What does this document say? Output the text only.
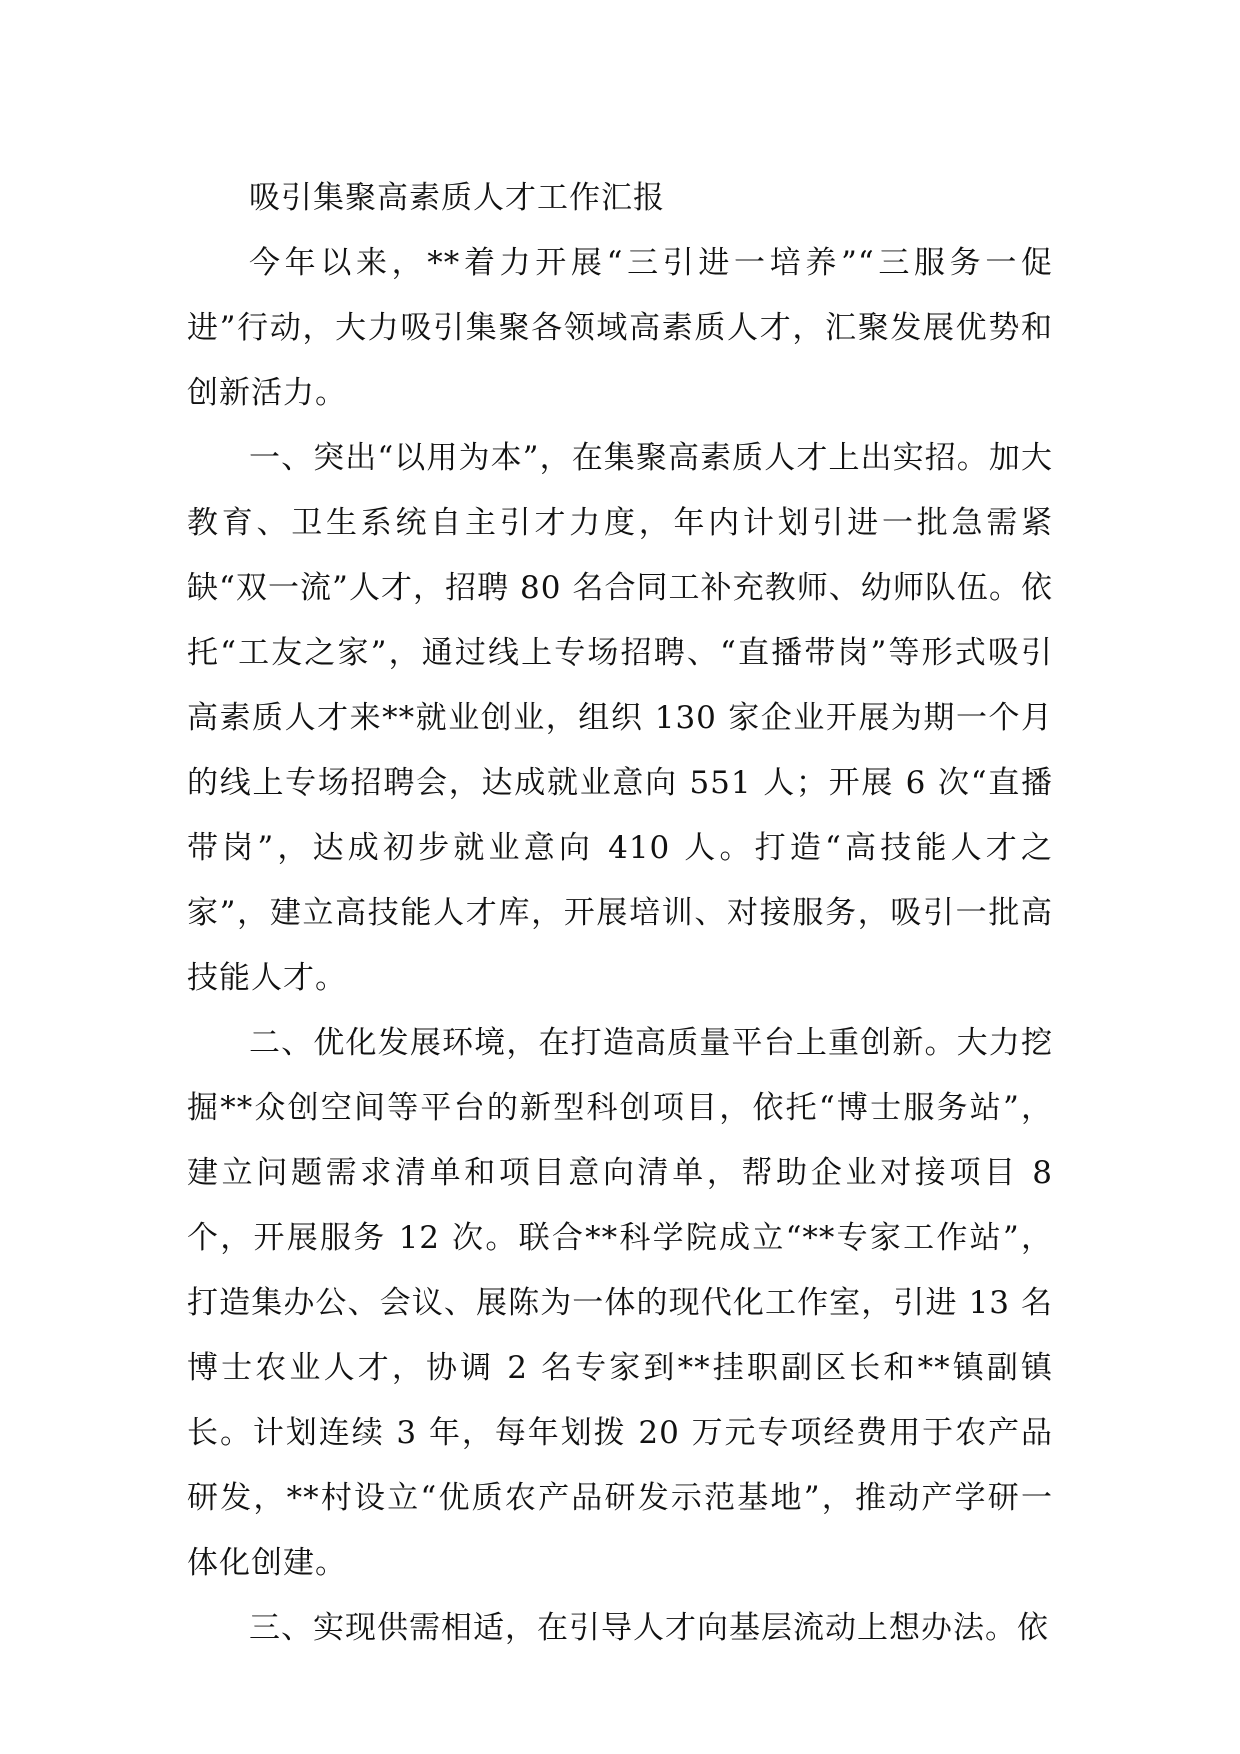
吸引集聚高素质人才工作汇报

今年以来，**着力开展“三引进一培养”“三服务一促进”行动，大力吸引集聚各领域高素质人才，汇聚发展优势和创新活力。

一、突出“以用为本”，在集聚高素质人才上出实招。加大教育、卫生系统自主引才力度，年内计划引进一批急需紧缺“双一流”人才，招聘 80 名合同工补充教师、幼师队伍。依托“工友之家”，通过线上专场招聘、“直播带岗”等形式吸引高素质人才来**就业创业，组织 130 家企业开展为期一个月的线上专场招聘会，达成就业意向 551 人；开展 6 次“直播带岗”，达成初步就业意向 410 人。打造“高技能人才之家”，建立高技能人才库，开展培训、对接服务，吸引一批高技能人才。

二、优化发展环境，在打造高质量平台上重创新。大力挖掘**众创空间等平台的新型科创项目，依托“博士服务站”，建立问题需求清单和项目意向清单，帮助企业对接项目 8 个，开展服务 12 次。联合**科学院成立“**专家工作站”，打造集办公、会议、展陈为一体的现代化工作室，引进 13 名博士农业人才，协调 2 名专家到**挂职副区长和**镇副镇长。计划连续 3 年，每年划拨 20 万元专项经费用于农产品研发，**村设立“优质农产品研发示范基地”，推动产学研一体化创建。

三、实现供需相适，在引导人才向基层流动上想办法。依
